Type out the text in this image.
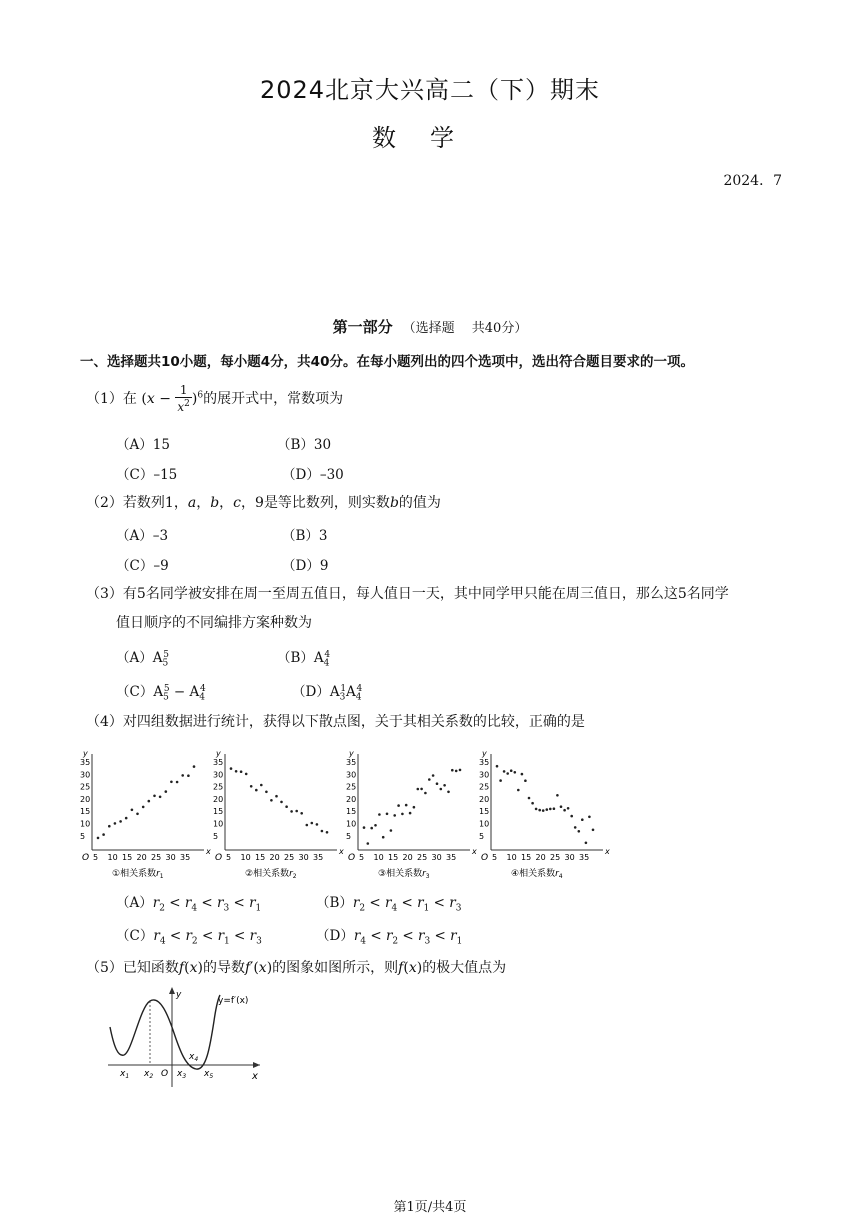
2024北京大兴高二（下）期末
数学
2024．7
第一部分 （选择题　 共40分）
一、选择题共10小题，每小题4分，共40分。在每小题列出的四个选项中，选出符合题目要求的一项。
（1）在 $(x - \frac{1}{x^2} )^6$的展开式中，常数项为
（A）15	（B）30
（C）–15	（D）–30
（2）若数列1，a，b，c，9是等比数列，则实数b的值为
（A）–3	（B）3
（C）–9	（D）9
（3）有5名同学被安排在周一至周五值日，每人值日一天，其中同学甲只能在周三值日，那么这5名同学
值日顺序的不同编排方案种数为
$(A)A_5^5$	$(B)A_4^4$
$(C)A_5^5 - A_4^4$	$(D)A_3^1A_4^4$
（4）对四组数据进行统计，获得以下散点图，关于其相关系数的比较，正确的是
y
x
O
35
30
25
20
15
10
5
5 10 15 20 25 30 35
①相关系数$r_1$
y
x
O
35
30
25
20
15
10
5
5 10 15 20 25 30 35
②相关系数$r_2$
y
x
O
35
30
25
20
15
10
5
5 10 15 20 25 30 35
③相关系数$r_3$
y
x
O
35
30
25
20
15
10
5
5 10 15 20 25 30 35
④相关系数$r_4$
$(A)r_2 < r_4 < r_3 < r_1$	$(B)r_2 < r_4 < r_1 < r_3$
$(C)r_4 < r_2 < r_1 < r_3$	$(D)r_4 < r_2 < r_3 < r_1$
（5）已知函数f(x)的导数f′(x)的图象如图所示，则f(x)的极大值点为
y=f′(x)
y
x
$x_1$ $x_2$ O $x_3$
$x_4$
$x_5$
第1页/共4页
